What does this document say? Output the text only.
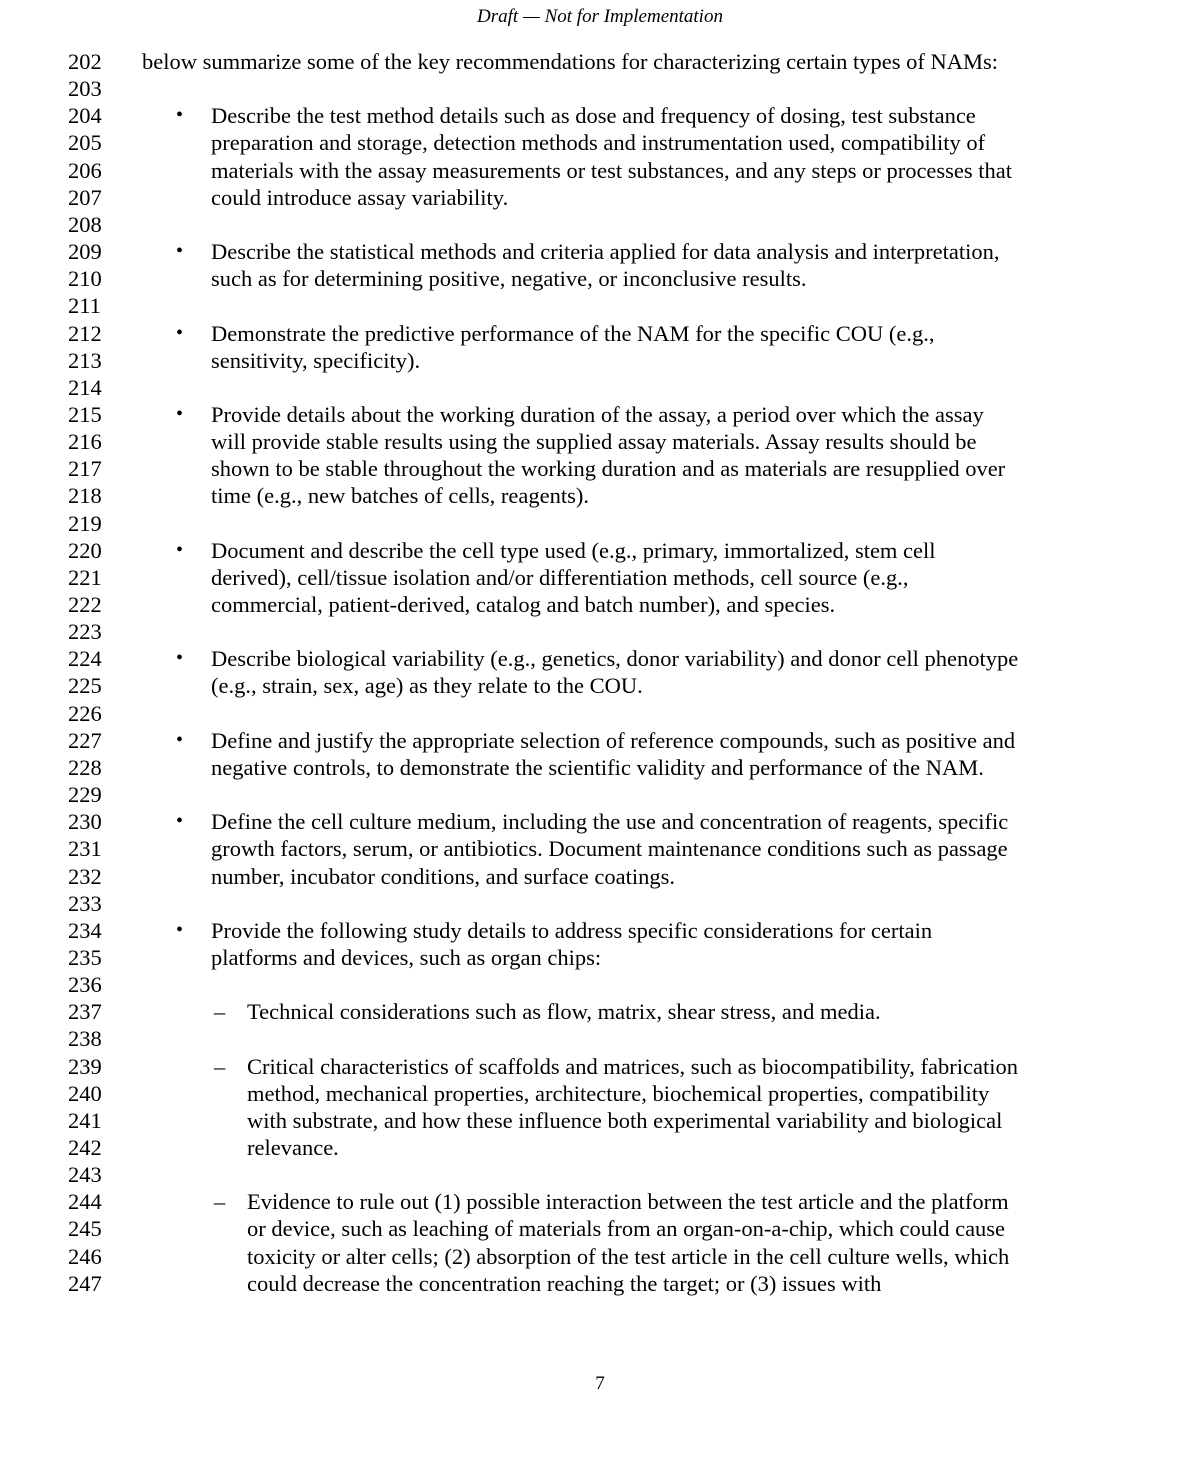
Draft — Not for Implementation
202	below summarize some of the key recommendations for characterizing certain types of NAMs:
203
204	• Describe the test method details such as dose and frequency of dosing, test substance
205	preparation and storage, detection methods and instrumentation used, compatibility of
206	materials with the assay measurements or test substances, and any steps or processes that
207	could introduce assay variability.
208
209	• Describe the statistical methods and criteria applied for data analysis and interpretation,
210	such as for determining positive, negative, or inconclusive results.
211
212	• Demonstrate the predictive performance of the NAM for the specific COU (e.g.,
213	sensitivity, specificity).
214
215	• Provide details about the working duration of the assay, a period over which the assay
216	will provide stable results using the supplied assay materials. Assay results should be
217	shown to be stable throughout the working duration and as materials are resupplied over
218	time (e.g., new batches of cells, reagents).
219
220	• Document and describe the cell type used (e.g., primary, immortalized, stem cell
221	derived), cell/tissue isolation and/or differentiation methods, cell source (e.g.,
222	commercial, patient-derived, catalog and batch number), and species.
223
224	• Describe biological variability (e.g., genetics, donor variability) and donor cell phenotype
225	(e.g., strain, sex, age) as they relate to the COU.
226
227	• Define and justify the appropriate selection of reference compounds, such as positive and
228	negative controls, to demonstrate the scientific validity and performance of the NAM.
229
230	• Define the cell culture medium, including the use and concentration of reagents, specific
231	growth factors, serum, or antibiotics. Document maintenance conditions such as passage
232	number, incubator conditions, and surface coatings.
233
234	• Provide the following study details to address specific considerations for certain
235	platforms and devices, such as organ chips:
236
237	– Technical considerations such as flow, matrix, shear stress, and media.
238
239	– Critical characteristics of scaffolds and matrices, such as biocompatibility, fabrication
240	method, mechanical properties, architecture, biochemical properties, compatibility
241	with substrate, and how these influence both experimental variability and biological
242	relevance.
243
244	– Evidence to rule out (1) possible interaction between the test article and the platform
245	or device, such as leaching of materials from an organ-on-a-chip, which could cause
246	toxicity or alter cells; (2) absorption of the test article in the cell culture wells, which
247	could decrease the concentration reaching the target; or (3) issues with
7
